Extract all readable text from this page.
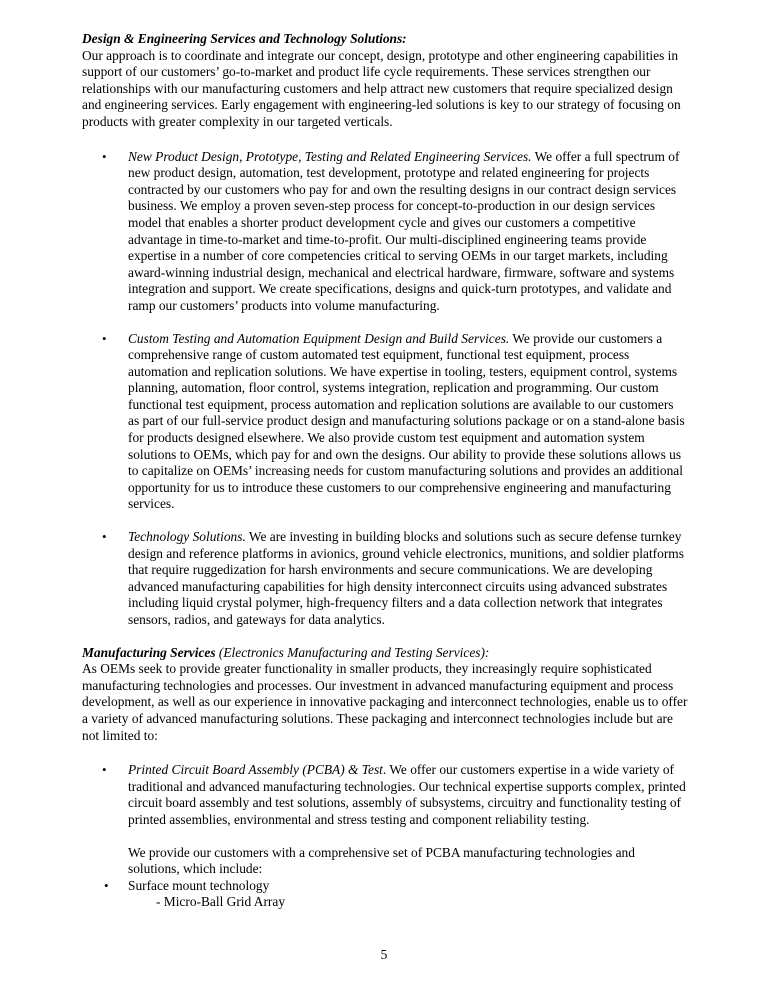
Design & Engineering Services and Technology Solutions:

Our approach is to coordinate and integrate our concept, design, prototype and other engineering capabilities in support of our customers’ go-to-market and product life cycle requirements. These services strengthen our relationships with our manufacturing customers and help attract new customers that require specialized design and engineering services. Early engagement with engineering-led solutions is key to our strategy of focusing on products with greater complexity in our targeted verticals.

• New Product Design, Prototype, Testing and Related Engineering Services. We offer a full spectrum of new product design, automation, test development, prototype and related engineering for projects contracted by our customers who pay for and own the resulting designs in our contract design services business. We employ a proven seven-step process for concept-to-production in our design services model that enables a shorter product development cycle and gives our customers a competitive advantage in time-to-market and time-to-profit. Our multi-disciplined engineering teams provide expertise in a number of core competencies critical to serving OEMs in our target markets, including award-winning industrial design, mechanical and electrical hardware, firmware, software and systems integration and support. We create specifications, designs and quick-turn prototypes, and validate and ramp our customers’ products into volume manufacturing.
• Custom Testing and Automation Equipment Design and Build Services. We provide our customers a comprehensive range of custom automated test equipment, functional test equipment, process automation and replication solutions. We have expertise in tooling, testers, equipment control, systems planning, automation, floor control, systems integration, replication and programming. Our custom functional test equipment, process automation and replication solutions are available to our customers as part of our full-service product design and manufacturing solutions package or on a stand-alone basis for products designed elsewhere. We also provide custom test equipment and automation system solutions to OEMs, which pay for and own the designs. Our ability to provide these solutions allows us to capitalize on OEMs’ increasing needs for custom manufacturing solutions and provides an additional opportunity for us to introduce these customers to our comprehensive engineering and manufacturing services.
• Technology Solutions. We are investing in building blocks and solutions such as secure defense turnkey design and reference platforms in avionics, ground vehicle electronics, munitions, and soldier platforms that require ruggedization for harsh environments and secure communications. We are developing advanced manufacturing capabilities for high density interconnect circuits using advanced substrates including liquid crystal polymer, high-frequency filters and a data collection network that integrates sensors, radios, and gateways for data analytics.

Manufacturing Services (Electronics Manufacturing and Testing Services):

As OEMs seek to provide greater functionality in smaller products, they increasingly require sophisticated manufacturing technologies and processes. Our investment in advanced manufacturing equipment and process development, as well as our experience in innovative packaging and interconnect technologies, enable us to offer a variety of advanced manufacturing solutions. These packaging and interconnect technologies include but are not limited to:

• Printed Circuit Board Assembly (PCBA) & Test. We offer our customers expertise in a wide variety of traditional and advanced manufacturing technologies. Our technical expertise supports complex, printed circuit board assembly and test solutions, assembly of subsystems, circuitry and functionality testing of printed assemblies, environmental and stress testing and component reliability testing.

We provide our customers with a comprehensive set of PCBA manufacturing technologies and solutions, which include:

• Surface mount technology

- Micro-Ball Grid Array

5
